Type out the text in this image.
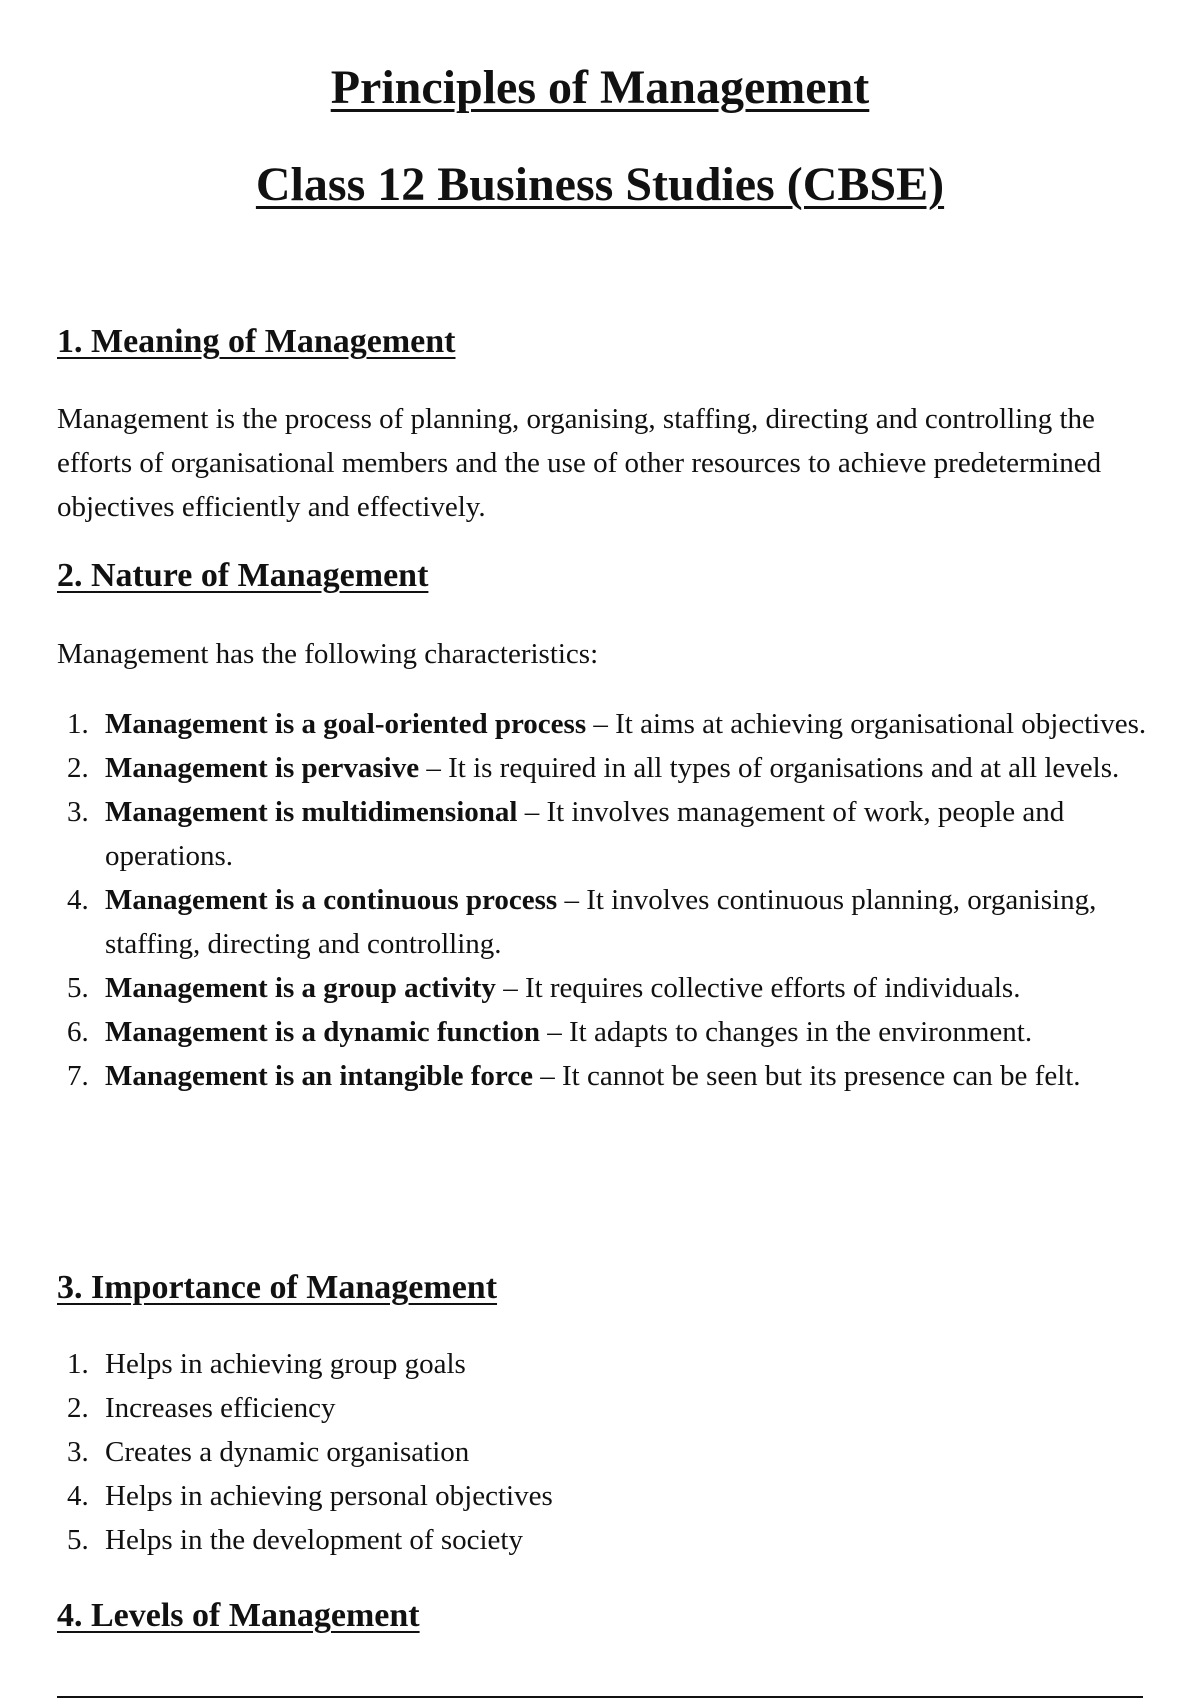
Principles of Management
Class 12 Business Studies (CBSE)
1. Meaning of Management

Management is the process of planning, organising, staffing, directing and controlling the efforts of organisational members and the use of other resources to achieve predetermined objectives efficiently and effectively.

2. Nature of Management

Management has the following characteristics:

1. Management is a goal-oriented process – It aims at achieving organisational objectives.
2. Management is pervasive – It is required in all types of organisations and at all levels.
3. Management is multidimensional – It involves management of work, people and operations.
4. Management is a continuous process – It involves continuous planning, organising, staffing, directing and controlling.
5. Management is a group activity – It requires collective efforts of individuals.
6. Management is a dynamic function – It adapts to changes in the environment.
7. Management is an intangible force – It cannot be seen but its presence can be felt.
3. Importance of Management
1. Helps in achieving group goals
2. Increases efficiency
3. Creates a dynamic organisation
4. Helps in achieving personal objectives
5. Helps in the development of society
4. Levels of Management
